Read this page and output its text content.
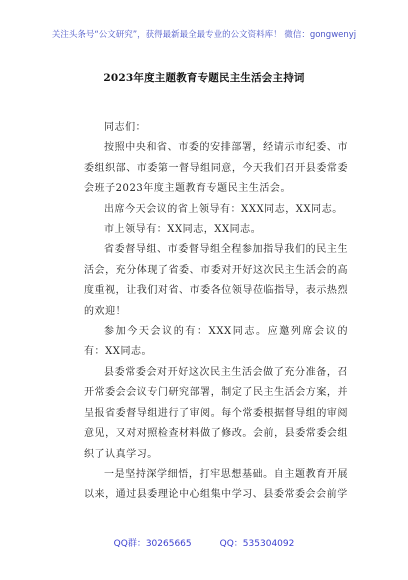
关注头条号“公文研究”，获得最新最全最专业的公文资料库！ 微信：gongwenyj
2023年度主题教育专题民主生活会主持词

同志们：

按照中央和省、市委的安排部署，经请示市纪委、市委组织部、市委第一督导组同意，今天我们召开县委常委会班子2023年度主题教育专题民主生活会。

出席今天会议的省上领导有：XXX同志，XX同志。

市上领导有：XX同志，XX同志。

省委督导组、市委督导组全程参加指导我们的民主生活会，充分体现了省委、市委对开好这次民主生活会的高度重视，让我们对省、市委各位领导莅临指导，表示热烈的欢迎！

参加今天会议的有：XXX同志。应邀列席会议的有：XX同志。

县委常委会对开好这次民主生活会做了充分准备，召开常委会会议专门研究部署，制定了民主生活会方案，并呈报省委督导组进行了审阅。每个常委根据督导组的审阅意见，又对对照检查材料做了修改。会前，县委常委会组织了认真学习。

一是坚持深学细悟，打牢思想基础。自主题教育开展以来，通过县委理论中心组集中学习、县委常委会会前学

QQ群：30265665	QQ：535304092
